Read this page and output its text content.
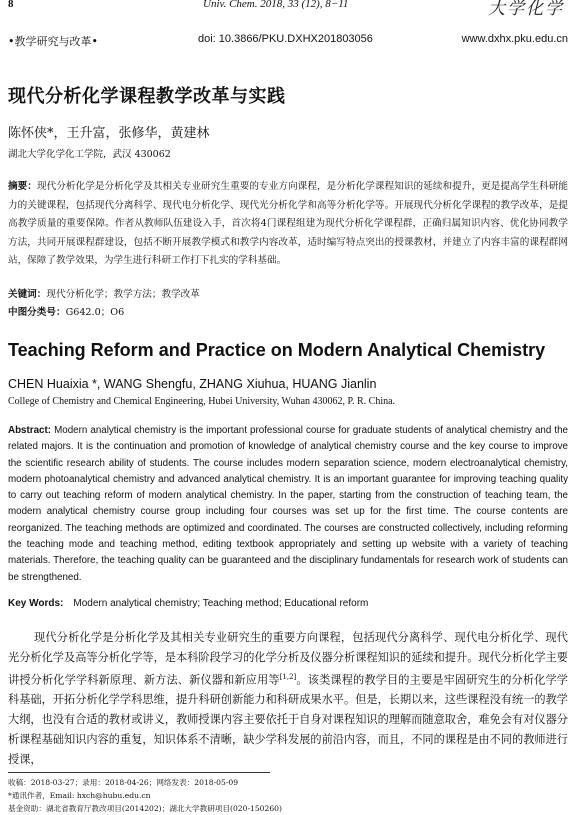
8	Univ. Chem. 2018, 33 (12), 8−11	大学化学
•教学研究与改革•	doi: 10.3866/PKU.DXHX201803056	www.dxhx.pku.edu.cn
现代分析化学课程教学改革与实践
陈怀侠*，王升富，张修华，黄建林
湖北大学化学化工学院，武汉 430062
摘要：现代分析化学是分析化学及其相关专业研究生重要的专业方向课程，是分析化学课程知识的延续和提升，更是提高学生科研能力的关键课程，包括现代分离科学、现代电分析化学、现代光分析化学和高等分析化学等。开展现代分析化学课程的教学改革，是提高教学质量的重要保障。作者从教师队伍建设入手，首次将4门课程组建为现代分析化学课程群，正确归属知识内容、优化协同教学方法，共同开展课程群建设，包括不断开展教学模式和教学内容改革，适时编写特点突出的授课教材，并建立了内容丰富的课程群网站，保障了教学效果，为学生进行科研工作打下扎实的学科基础。
关键词：现代分析化学；教学方法；教学改革
中图分类号：G642.0；O6
Teaching Reform and Practice on Modern Analytical Chemistry
CHEN Huaixia *, WANG Shengfu, ZHANG Xiuhua, HUANG Jianlin
College of Chemistry and Chemical Engineering, Hubei University, Wuhan 430062, P. R. China.
Abstract: Modern analytical chemistry is the important professional course for graduate students of analytical chemistry and the related majors. It is the continuation and promotion of knowledge of analytical chemistry course and the key course to improve the scientific research ability of students. The course includes modern separation science, modern electroanalytical chemistry, modern photoanalytical chemistry and advanced analytical chemistry. It is an important guarantee for improving teaching quality to carry out teaching reform of modern analytical chemistry. In the paper, starting from the construction of teaching team, the modern analytical chemistry course group including four courses was set up for the first time. The course contents are reorganized. The teaching methods are optimized and coordinated. The courses are constructed collectively, including reforming the teaching mode and teaching method, editing textbook appropriately and setting up website with a variety of teaching materials. Therefore, the teaching quality can be guaranteed and the disciplinary fundamentals for research work of students can be strengthened.
Key Words: Modern analytical chemistry; Teaching method; Educational reform
现代分析化学是分析化学及其相关专业研究生的重要方向课程，包括现代分离科学、现代电分析化学、现代光分析化学及高等分析化学等，是本科阶段学习的化学分析及仪器分析课程知识的延续和提升。现代分析化学主要讲授分析化学学科新原理、新方法、新仪器和新应用等[1,2]。该类课程的教学目的主要是牢固研究生的分析化学学科基础，开拓分析化学学科思维，提升科研创新能力和科研成果水平。但是，长期以来，这些课程没有统一的教学大纲，也没有合适的教材或讲义，教师授课内容主要依托于自身对课程知识的理解而随意取舍，难免会有对仪器分析课程基础知识内容的重复，知识体系不清晰，缺少学科发展的前沿内容，而且，不同的课程是由不同的教师进行授课，
收稿：2018-03-27；录用：2018-04-26；网络发表：2018-05-09
*通讯作者，Email: hxch@hubu.edu.cn
基金资助：湖北省教育厅教改项目(2014202)；湖北大学教研项目(020-150260)
